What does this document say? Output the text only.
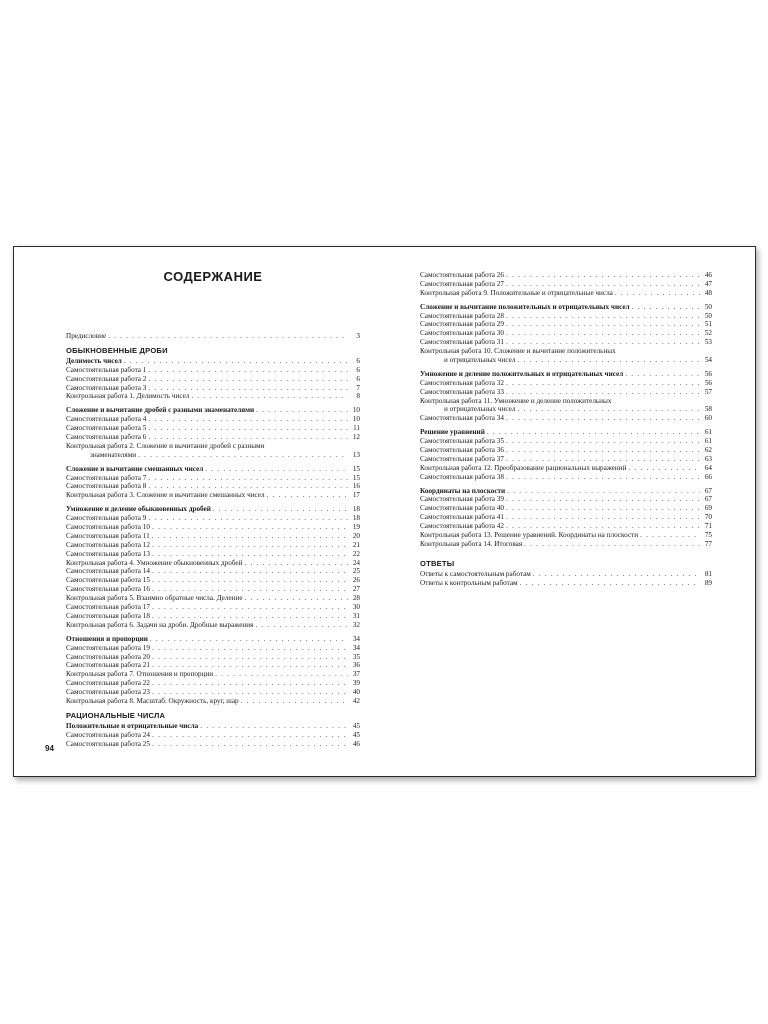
СОДЕРЖАНИЕ
Предисловие . . .	3
ОБЫКНОВЕННЫЕ ДРОБИ
Делимость чисел . . .	6
Самостоятельная работа 1 . . .	6
Самостоятельная работа 2 . . .	6
Самостоятельная работа 3 . . .	7
Контрольная работа 1. Делимость чисел . . .	8
Сложение и вычитание дробей с разными знаменателями . . .	10
Самостоятельная работа 4 . . .	10
Самостоятельная работа 5 . . .	11
Самостоятельная работа 6 . . .	12
Контрольная работа 2. Сложение и вычитание дробей с разными
знаменателями . . .	13
Сложение и вычитание смешанных чисел . . .	15
Самостоятельная работа 7 . . .	15
Самостоятельная работа 8 . . .	16
Контрольная работа 3. Сложение и вычитание смешанных чисел . . .	17
Умножение и деление обыкновенных дробей . . .	18
Самостоятельная работа 9 . . .	18
Самостоятельная работа 10 . . .	19
Самостоятельная работа 11 . . .	20
Самостоятельная работа 12 . . .	21
Самостоятельная работа 13 . . .	22
Контрольная работа 4. Умножение обыкновенных дробей . . .	24
Самостоятельная работа 14 . . .	25
Самостоятельная работа 15 . . .	26
Самостоятельная работа 16 . . .	27
Контрольная работа 5. Взаимно обратные числа. Деление . . .	28
Самостоятельная работа 17 . . .	30
Самостоятельная работа 18 . . .	31
Контрольная работа 6. Задачи на дроби. Дробные выражения . . .	32
Отношения и пропорции . . .	34
Самостоятельная работа 19 . . .	34
Самостоятельная работа 20 . . .	35
Самостоятельная работа 21 . . .	36
Контрольная работа 7. Отношения и пропорции . . .	37
Самостоятельная работа 22 . . .	39
Самостоятельная работа 23 . . .	40
Контрольная работа 8. Масштаб. Окружность, круг, шар . . .	42
РАЦИОНАЛЬНЫЕ ЧИСЛА
Положительные и отрицательные числа . . .	45
Самостоятельная работа 24 . . .	45
Самостоятельная работа 25 . . .	46
Самостоятельная работа 26 . . .	46
Самостоятельная работа 27 . . .	47
Контрольная работа 9. Положительные и отрицательные числа . . .	48
Сложение и вычитание положительных и отрицательных чисел . . .	50
Самостоятельная работа 28 . . .	50
Самостоятельная работа 29 . . .	51
Самостоятельная работа 30 . . .	52
Самостоятельная работа 31 . . .	53
Контрольная работа 10. Сложение и вычитание положительных
и отрицательных чисел . . .	54
Умножение и деление положительных и отрицательных чисел . . .	56
Самостоятельная работа 32 . . .	56
Самостоятельная работа 33 . . .	57
Контрольная работа 11. Умножение и деление положительных
и отрицательных чисел . . .	58
Самостоятельная работа 34 . . .	60
Решение уравнений . . .	61
Самостоятельная работа 35 . . .	61
Самостоятельная работа 36 . . .	62
Самостоятельная работа 37 . . .	63
Контрольная работа 12. Преобразование рациональных выражений . . .	64
Самостоятельная работа 38 . . .	66
Координаты на плоскости . . .	67
Самостоятельная работа 39 . . .	67
Самостоятельная работа 40 . . .	69
Самостоятельная работа 41 . . .	70
Самостоятельная работа 42 . . .	71
Контрольная работа 13. Решение уравнений. Координаты на плоскости . . .	75
Контрольная работа 14. Итоговая . . .	77
ОТВЕТЫ
Ответы к самостоятельным работам . . .	81
Ответы к контрольным работам . . .	89
94
